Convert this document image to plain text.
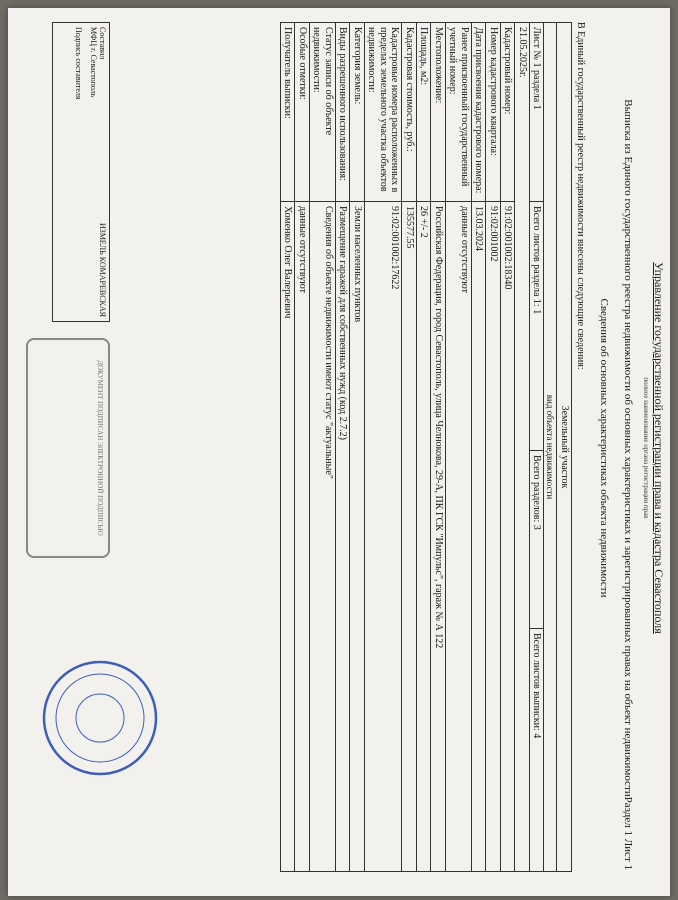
Управление государственной регистрации права и кадастра Севастополя
полное наименование органа регистрации прав
Выписка из Единого государственного реестра недвижимости об основных характеристиках и зарегистрированных правах на объект недвижимости
Раздел 1 Лист 1
Сведения об основных характеристиках объекта недвижимости
В Единый государственный реестр недвижимости внесены следующие сведения:
Земельный участок			
вид объекта недвижимости			
Лист № 1 раздела 1	Всего листов раздела 1: 1	Всего разделов: 3	Всего листов выписки: 4
21.05.2025г.			
Кадастровый номер:	91:02:001002:18340		
Номер кадастрового квартала:	91:02:001002		
Дата присвоения кадастрового номера:	13.03.2024		
Ранее присвоенный государственный учетный номер:	данные отсутствуют		
Местоположение:	Российская Федерация, город Севастополь, улица Челнокова, 29-А, ПК ГСК "Импульс", гараж № А 122		
Площадь, м2:	26 +/- 2		
Кадастровая стоимость, руб.:	135577.55		
Кадастровые номера расположенных в пределах земельного участка объектов недвижимости:	91:02:001002:17622		
Категория земель:	Земли населенных пунктов		
Виды разрешенного использования:	Размещение гаражей для собственных нужд (код 2.7.2)		
Статус записи об объекте недвижимости:	Сведения об объекте недвижимости имеют статус "актуальные"		
Особые отметки:	данные отсутствуют		
Получатель выписки:	Хоменко Олег Валерьевич		
Составил
ИЗМЕЛЬ КОМАРЕВСКАЯ
МФЦ г. Севастополь
Подпись составителя
ДОКУМЕНТ ПОДПИСАН ЭЛЕКТРОННОЙ ПОДПИСЬЮ
